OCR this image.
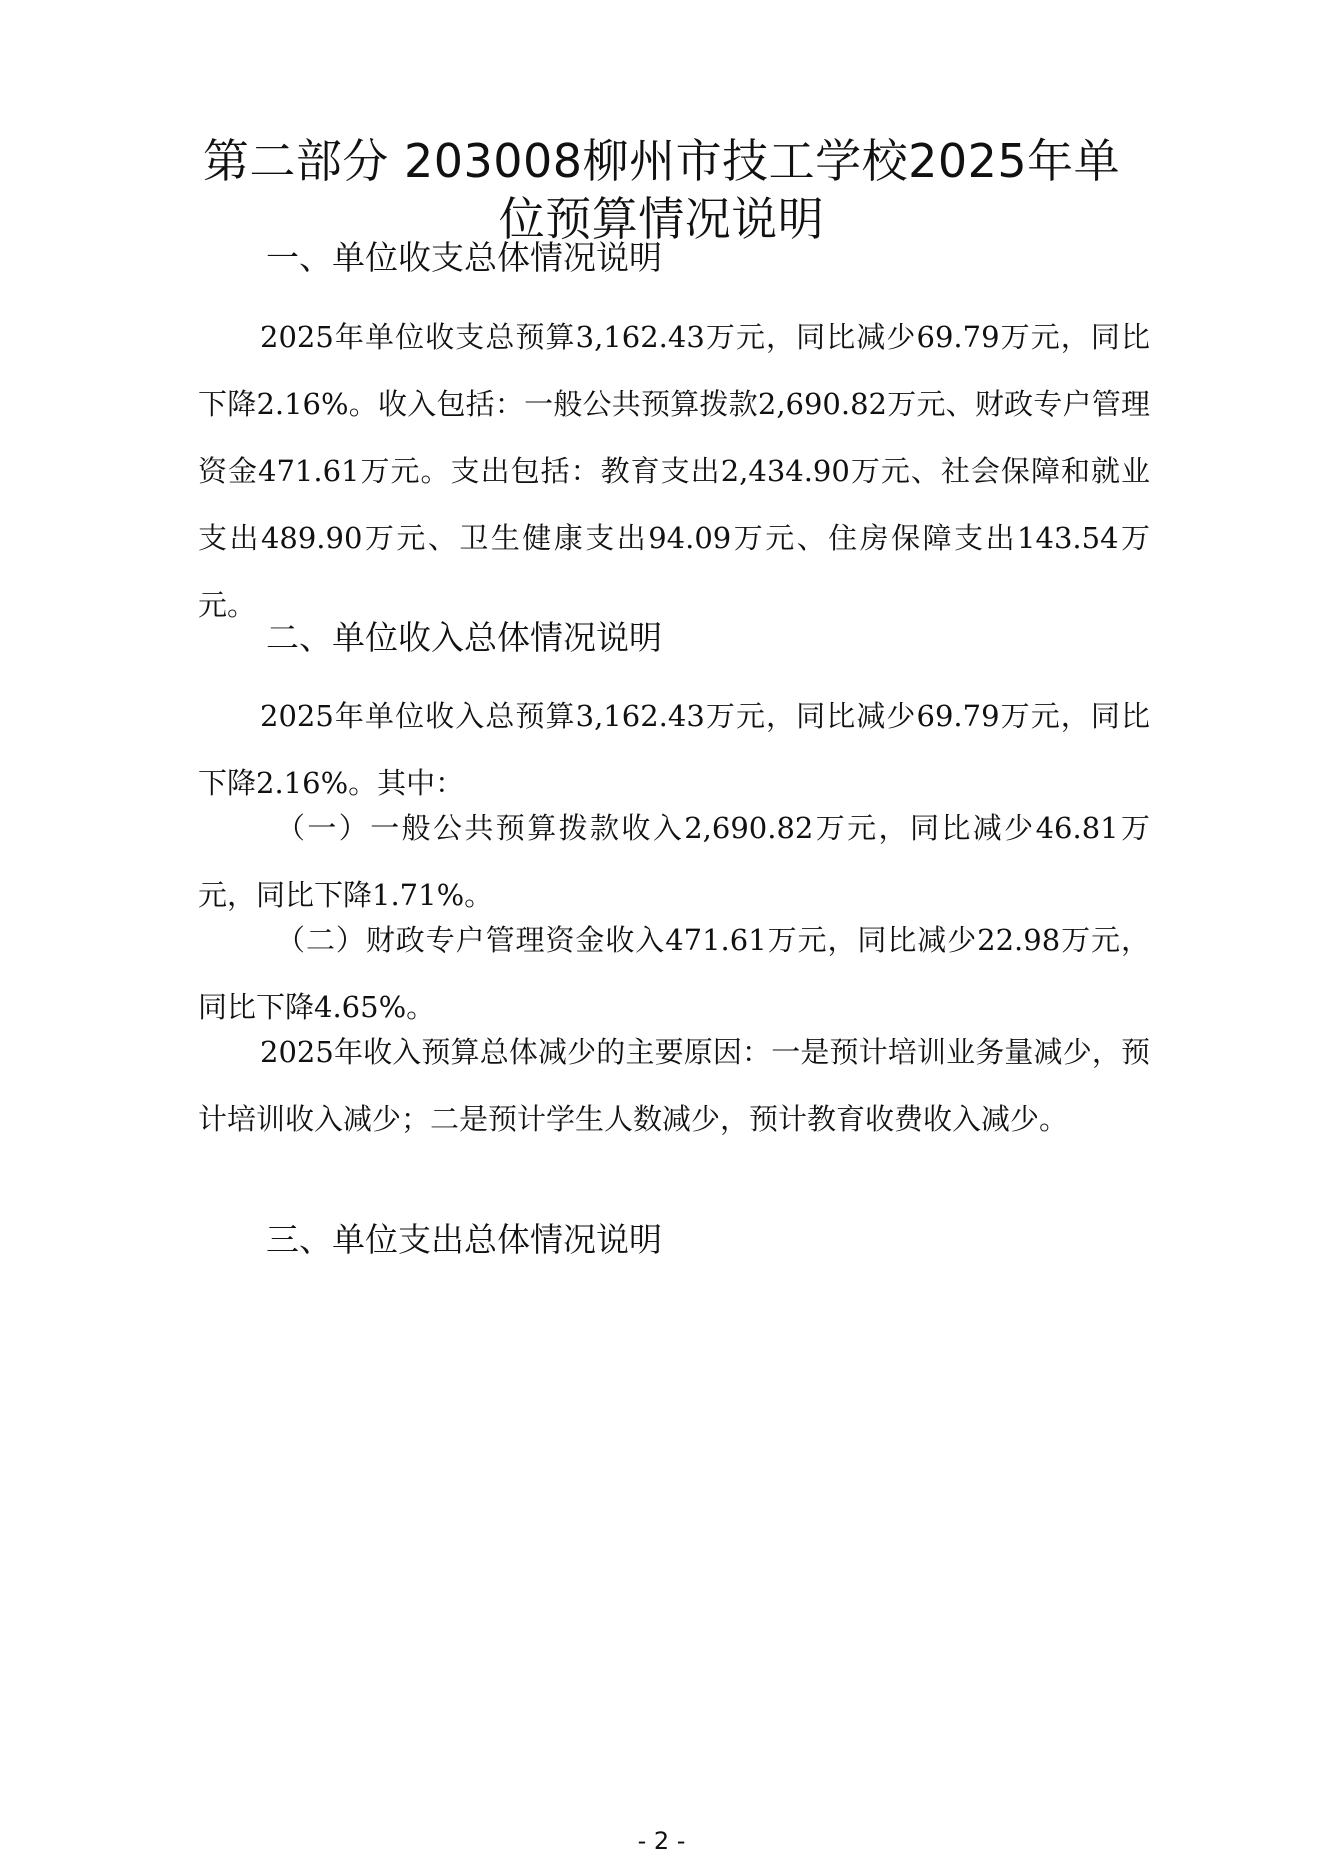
第二部分 203008柳州市技工学校2025年单位预算情况说明
一、单位收支总体情况说明

2025年单位收支总预算3,162.43万元，同比减少69.79万元，同比下降2.16%。收入包括：一般公共预算拨款2,690.82万元、财政专户管理资金471.61万元。支出包括：教育支出2,434.90万元、社会保障和就业支出489.90万元、卫生健康支出94.09万元、住房保障支出143.54万元。

二、单位收入总体情况说明

2025年单位收入总预算3,162.43万元，同比减少69.79万元，同比下降2.16%。其中：

（一）一般公共预算拨款收入2,690.82万元，同比减少46.81万元，同比下降1.71%。

（二）财政专户管理资金收入471.61万元，同比减少22.98万元，同比下降4.65%。

2025年收入预算总体减少的主要原因：一是预计培训业务量减少，预计培训收入减少；二是预计学生人数减少，预计教育收费收入减少。

三、单位支出总体情况说明
- 2 -
